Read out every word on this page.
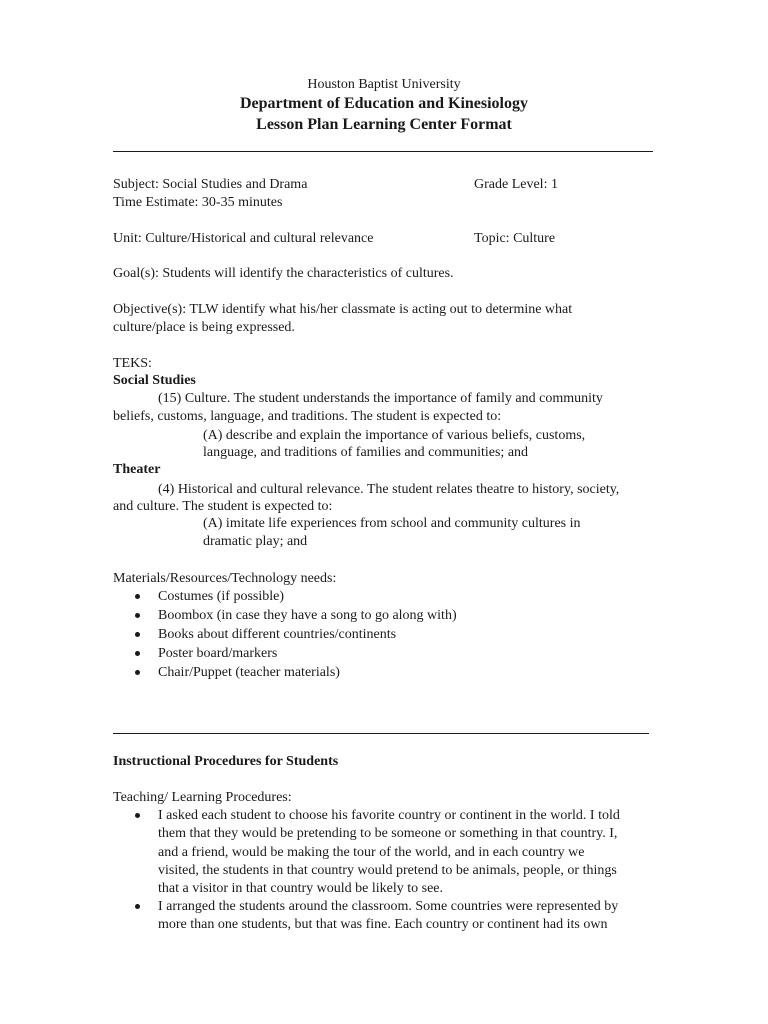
Houston Baptist University
Department of Education and Kinesiology
Lesson Plan Learning Center Format
Subject: Social Studies and Drama	Grade Level: 1
Time Estimate: 30-35 minutes
Unit: Culture/Historical and cultural relevance	Topic: Culture
Goal(s): Students will identify the characteristics of cultures.
Objective(s): TLW identify what his/her classmate is acting out to determine what
culture/place is being expressed.
TEKS:
Social Studies
(15) Culture. The student understands the importance of family and community
beliefs, customs, language, and traditions. The student is expected to:
(A) describe and explain the importance of various beliefs, customs,
language, and traditions of families and communities; and
Theater
(4) Historical and cultural relevance. The student relates theatre to history, society,
and culture. The student is expected to:
(A) imitate life experiences from school and community cultures in
dramatic play; and
Materials/Resources/Technology needs:
Costumes (if possible)
Boombox (in case they have a song to go along with)
Books about different countries/continents
Poster board/markers
Chair/Puppet (teacher materials)
Instructional Procedures for Students
Teaching/ Learning Procedures:
I asked each student to choose his favorite country or continent in the world. I told
them that they would be pretending to be someone or something in that country. I,
and a friend, would be making the tour of the world, and in each country we
visited, the students in that country would pretend to be animals, people, or things
that a visitor in that country would be likely to see.
I arranged the students around the classroom. Some countries were represented by
more than one students, but that was fine. Each country or continent had its own
